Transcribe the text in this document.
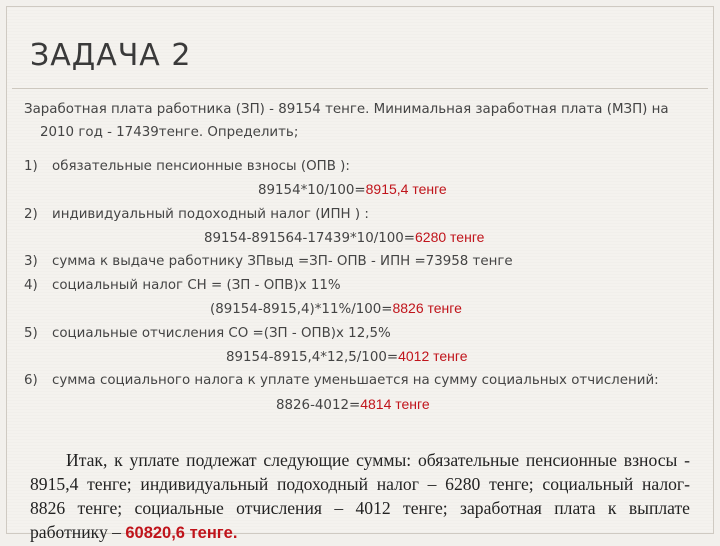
ЗАДАЧА 2

Заработная плата работника (ЗП) - 89154 тенге. Минимальная заработная плата (МЗП) на
2010 год - 17439тенге. Определить;

1)	обязательные пенсионные взносы (ОПВ ):

89154*10/100=8915,4 тенге

2)	индивидуальный подоходный налог (ИПН ) :

89154-891564-17439*10/100=6280 тенге

3)	сумма к выдаче работнику ЗПвыд =ЗП- ОПВ - ИПН =73958 тенге
4)	социальный налог СН = (ЗП - ОПВ)х 11%

(89154-8915,4)*11%/100=8826 тенге

5)	социальные отчисления СО =(ЗП - ОПВ)х 12,5%

89154-8915,4*12,5/100=4012 тенге

6)	сумма социального налога к уплате уменьшается на сумму социальных отчислений:

8826-4012=4814 тенге

Итак, к уплате подлежат следующие суммы: обязательные пенсионные взносы - 8915,4 тенге; индивидуальный подоходный налог – 6280 тенге; социальный налог- 8826 тенге; социальные отчисления – 4012 тенге; заработная плата к выплате работнику – 60820,6 тенге.
